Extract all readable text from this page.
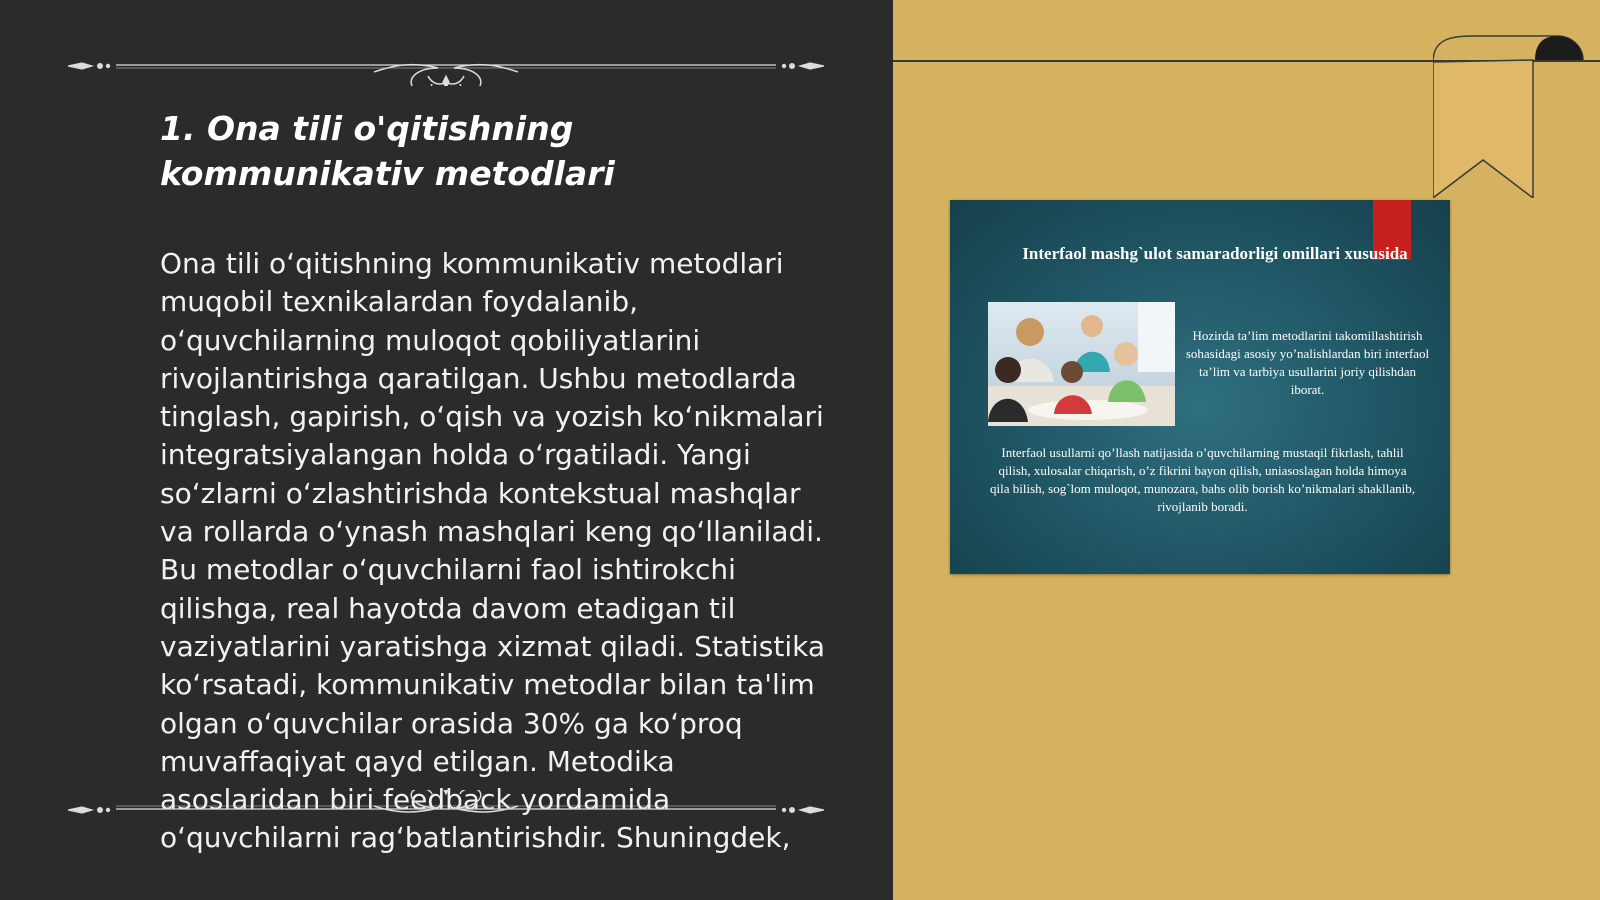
1. Ona tili o'qitishning kommunikativ metodlari

Ona tili oʻqitishning kommunikativ metodlari muqobil texnikalardan foydalanib, oʻquvchilarning muloqot qobiliyatlarini rivojlantirishga qaratilgan. Ushbu metodlarda tinglash, gapirish, oʻqish va yozish koʻnikmalari integratsiyalangan holda oʻrgatiladi. Yangi soʻzlarni oʻzlashtirishda kontekstual mashqlar va rollarda oʻynash mashqlari keng qoʻllaniladi. Bu metodlar oʻquvchilarni faol ishtirokchi qilishga, real hayotda davom etadigan til vaziyatlarini yaratishga xizmat qiladi. Statistika koʻrsatadi, kommunikativ metodlar bilan ta'lim olgan oʻquvchilar orasida 30% ga koʻproq muvaffaqiyat qayd etilgan. Metodika asoslaridan biri feedback yordamida oʻquvchilarni ragʻbatlantirishdir. Shuningdek,

Interfaol mashg`ulot samaradorligi omillari xususida

Hozirda ta’lim metodlarini takomillashtirish sohasidagi asosiy yo’nalishlardan biri interfaol ta’lim va tarbiya usullarini joriy qilishdan iborat.

Interfaol usullarni qo’llash natijasida o’quvchilarning mustaqil fikrlash, tahlil qilish, xulosalar chiqarish, o’z fikrini bayon qilish, uniasoslagan holda himoya qila bilish, sog`lom muloqot, munozara, bahs olib borish ko’nikmalari shakllanib, rivojlanib boradi.
